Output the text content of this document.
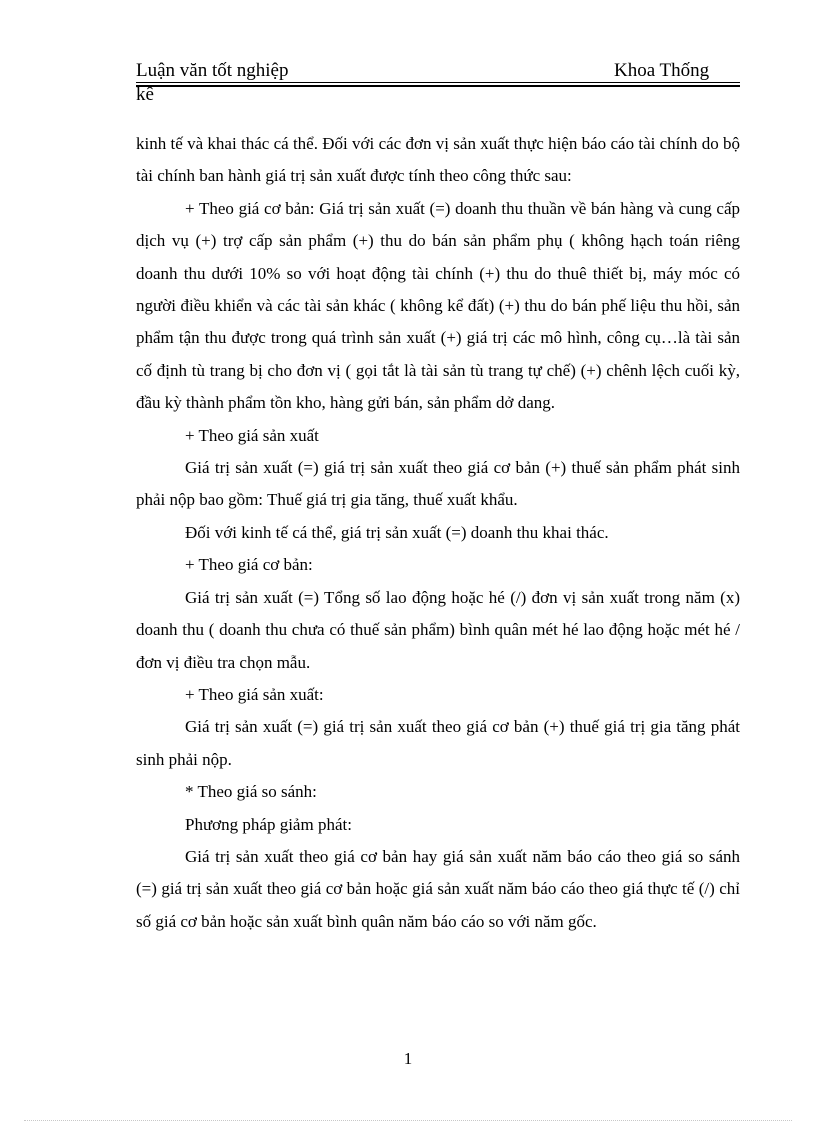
Luận văn tốt nghiệp	Khoa Thống
kê

kinh tế và khai thác cá thể. Đối với các đơn vị sản xuất thực hiện báo cáo tài chính do bộ tài chính ban hành giá trị sản xuất được tính theo công thức sau:

+ Theo giá cơ bản: Giá trị sản xuất (=) doanh thu thuần về bán hàng và cung cấp dịch vụ (+) trợ cấp sản phẩm (+) thu do bán sản phẩm phụ ( không hạch toán riêng doanh thu dưới 10% so với hoạt động tài chính (+) thu do thuê thiết bị, máy móc có người điều khiển và các tài sản khác ( không kể đất) (+) thu do bán phế liệu thu hồi, sản phẩm tận thu được trong quá trình sản xuất (+) giá trị các mô hình, công cụ…là tài sản cố định tù trang bị cho đơn vị ( gọi tắt là tài sản tù trang tự chế) (+) chênh lệch cuối kỳ, đầu kỳ thành phẩm tồn kho, hàng gửi bán, sản phẩm dở dang.

+ Theo giá sản xuất

Giá trị sản xuất (=) giá trị sản xuất theo giá cơ bản (+) thuế sản phẩm phát sinh phải nộp bao gồm: Thuế giá trị gia tăng, thuế xuất khẩu.

Đối với kinh tế cá thể, giá trị sản xuất (=) doanh thu khai thác.

+ Theo giá cơ bản:

Giá trị sản xuất (=) Tổng số lao động hoặc hé (/) đơn vị sản xuất trong năm (x) doanh thu ( doanh thu chưa có thuế sản phẩm) bình quân mét hé lao động hoặc mét hé / đơn vị điều tra chọn mẫu.

+ Theo giá sản xuất:

Giá trị sản xuất (=) giá trị sản xuất theo giá cơ bản (+) thuế giá trị gia tăng phát sinh phải nộp.

* Theo giá so sánh:

Phương pháp giảm phát:

Giá trị sản xuất theo giá cơ bản hay giá sản xuất năm báo cáo theo giá so sánh (=) giá trị sản xuất theo giá cơ bản hoặc giá sản xuất năm báo cáo theo giá thực tế (/) chỉ số giá cơ bản hoặc sản xuất bình quân năm báo cáo so với năm gốc.

1
